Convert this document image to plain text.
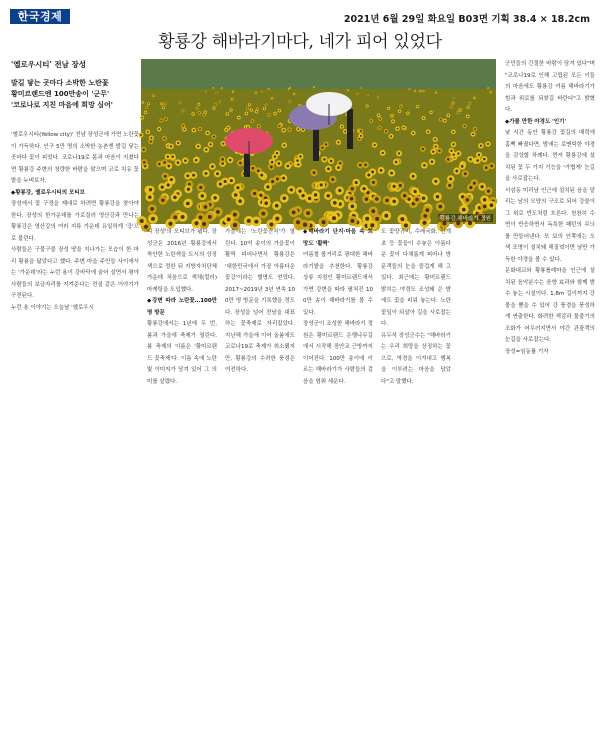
한국경제	2021년 6월 29일 화요일 B03면 기획 38.4 × 18.2cm
황룡강 해바라기마다, 네가 피어 있었다
'옐로우시티' 전남 장성
발길 닿는 곳마다 소박한 노란꽃
황미르랜드엔 100만송이 '군무'
'코로나로 지친 마음에 희망 심어'
황룡강 해바라기 정원

'옐로우시티(Yellow city)' 전남 장성군에 가면 노란꽃이 가득하다. 인구 5만 명의 소박한 농촌엔 발길 닿는 곳마다 꽃이 피었다. 코로나19로 몸과 마음이 지쳤다면 황룡강 주변의 청량한 바람을 맞으며 코로 치유 꽃밭을 누벼보자.

◆황룡강, 옐로우시티의 모티브

장성에서 꽃 구경을 제대로 하려면 황룡강을 찾아야 한다. 장성의 한가운데를 가로질러 영산강과 만나는 황룡강은 영산강의 여러 지류 가운데 유일하게 '강'으로 불린다.

사람들은 구불구불 장성 땅을 지나가는 모습이 한 마리 황룡을 닮았다고 했다. 주변 마을 주민들 사이에서는 '가운데'라는 누런 용이 강바닥에 숨어 살면서 평야 사람들의 보금자리를 지켜준다는 전설 같은 이야기가 구전된다.

누런 용 이야기는 오늘날 '옐로우시

티 장성'의 모티브가 됐다. 장성군은 2016년 황룡강에서 착안한 노란색을 도시의 상징색으로 정한 뒤 지방자치단체 가운데 처음으로 색채(컬러) 마케팅을 도입했다.

◆강변 따라 노란꽃…100만 명 방문

황룡강에서는 1년에 두 번, 봄과 가을에 축제가 열린다. 봄 축제의 이름은 '황미르랜드 꽃축제'다. 이름 속에 노란빛 이미지가 담겨 있어 그 의미를 살렸다.

가을에는 '노란꽃잔치'가 열린다. 10억 송이의 가을꽃이 활짝 피어나면서 황룡강은 '대한민국에서 가장 아름다운 꽃강'이라는 별명도 얻었다. 2017~2019년 3년 연속 100만 명 방문을 기록했을 정도다. 장성을 넘어 전남을 대표하는 꽃축제로 자리잡았다. 지난해 가을에 이어 올봄에도 코로나19로 축제가 취소됐지만, 황룡강의 수려한 풍경은 여전하다.

◆해바라기 단지·마음 속 희망도 '활짝'

여름철 볼거리로 광대한 해바라기밭을 추천한다. 황룡강 상류 지점인 황미르랜드에서 가면 강변을 따라 펼쳐진 100만 송이 해바라기를 볼 수 있다.

장성군이 조성한 해바라기 정원은 황미르랜드 은행나무길에서 시작해 장안교 근방까지 이어진다. 100만 송이에 이르는 해바라기가 사람들의 걸음을 멈춰 세운다.

도 꽃양귀비, 수레국화, 안개초 등 꽃들이 수놓은 아름다운 꽃이 다채롭게 피어나 방문객들의 눈을 즐겁게 해 고 있다. 최근에는 황미르랜드 밝히는 야경도 조성돼 은 밤에도 꽃을 피워 놓는다. 노란 꽃잎이 되살아 길을 사로잡는다.

유두석 장성군수는 "해바라기는 우리 희망을 상징하는 꽃으로, 역경을 이겨내고 행복을 이루려는 마음을 담았다"고 말했다.

군민들의 간절한 바람이 담겨 있다"며 "코로나19로 인해 고립된 모든 이들의 마음에도 황룡강 여름 해바라기가 힘과 위로를 되찾길 바란다"고 밝혔다.

◆가볼 만한 야경도 '인기'

낮 시간 동안 황룡강 꽃길의 매력에 흠뻑 빠졌다면, 밤에는 로맨틱한 야경을 감상할 차례다. 먼저 황룡강에 설치된 꽃 두 가지 기능을 '가볍게' 눈길을 사로잡는다.

서삼동 미리남 인근에 설치된 음을 알리는 남의 모양의 구조로 되어 강물이 그 위로 반도처럼 흐른다. 천천히 수면이 반응하면서 독특한 패턴의 무늬를 만들어낸다. 또 보의 안쪽에는 오색 조명이 설치돼 해질녘이면 남만 가득한 야경을 볼 수 있다.

문화대교와 황룡롤레마을 인근에 설치된 음악분수는 음향 효과와 함께 밤 수 놓는 시설이다. 1.8m 길이까지 강물을 뿜을 수 있어 강 풍경을 풍성하게 연출한다. 화려한 색감과 물줄기의 조화가 어우러지면서 야간 관광객의 눈길을 사로잡는다.

장성=임동률 기자
